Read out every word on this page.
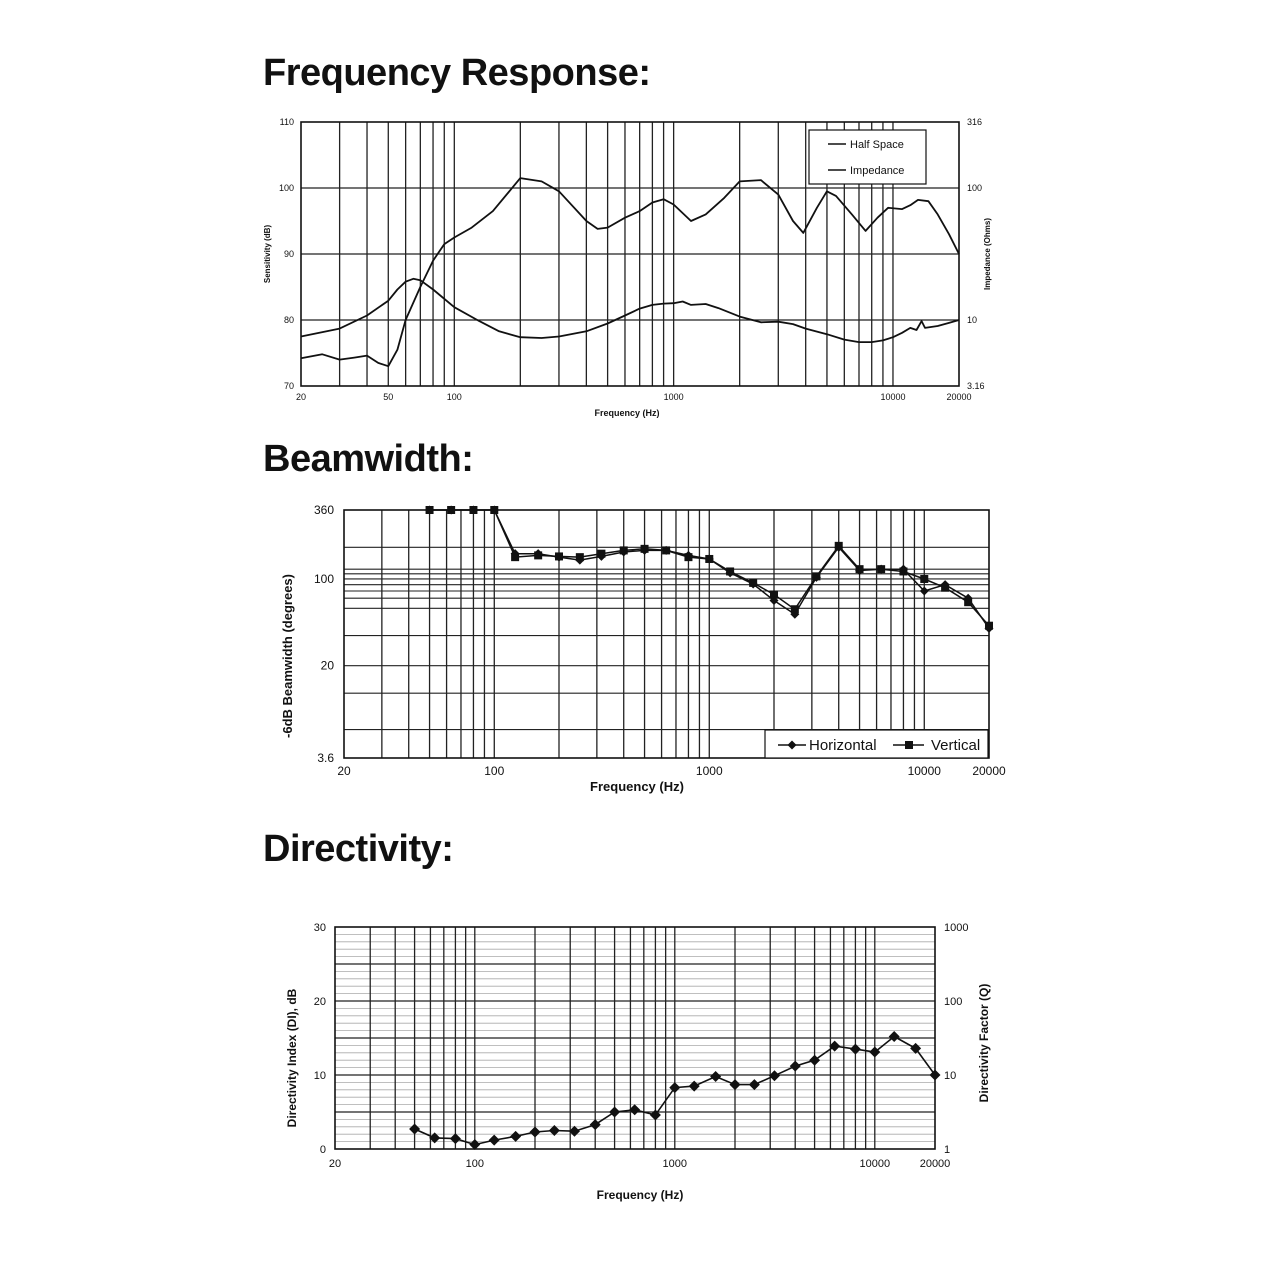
Frequency Response:
Beamwidth:
Directivity:
110
100
90
80
70
316
100
10
3.16
20	50	100	1000	10000	20000
Frequency (Hz)
Sensitivity (dB)	Impedance (Ohms)
Half Space
Impedance
360
100
20
3.6
20	100	1000	10000	20000
Frequency (Hz)
-6dB Beamwidth (degrees)
Horizontal	Vertical
30
20
10
0
1000
100
10
1
20	100	1000	10000	20000
Frequency (Hz)
Directivity Index (DI), dB	Directivity Factor (Q)
